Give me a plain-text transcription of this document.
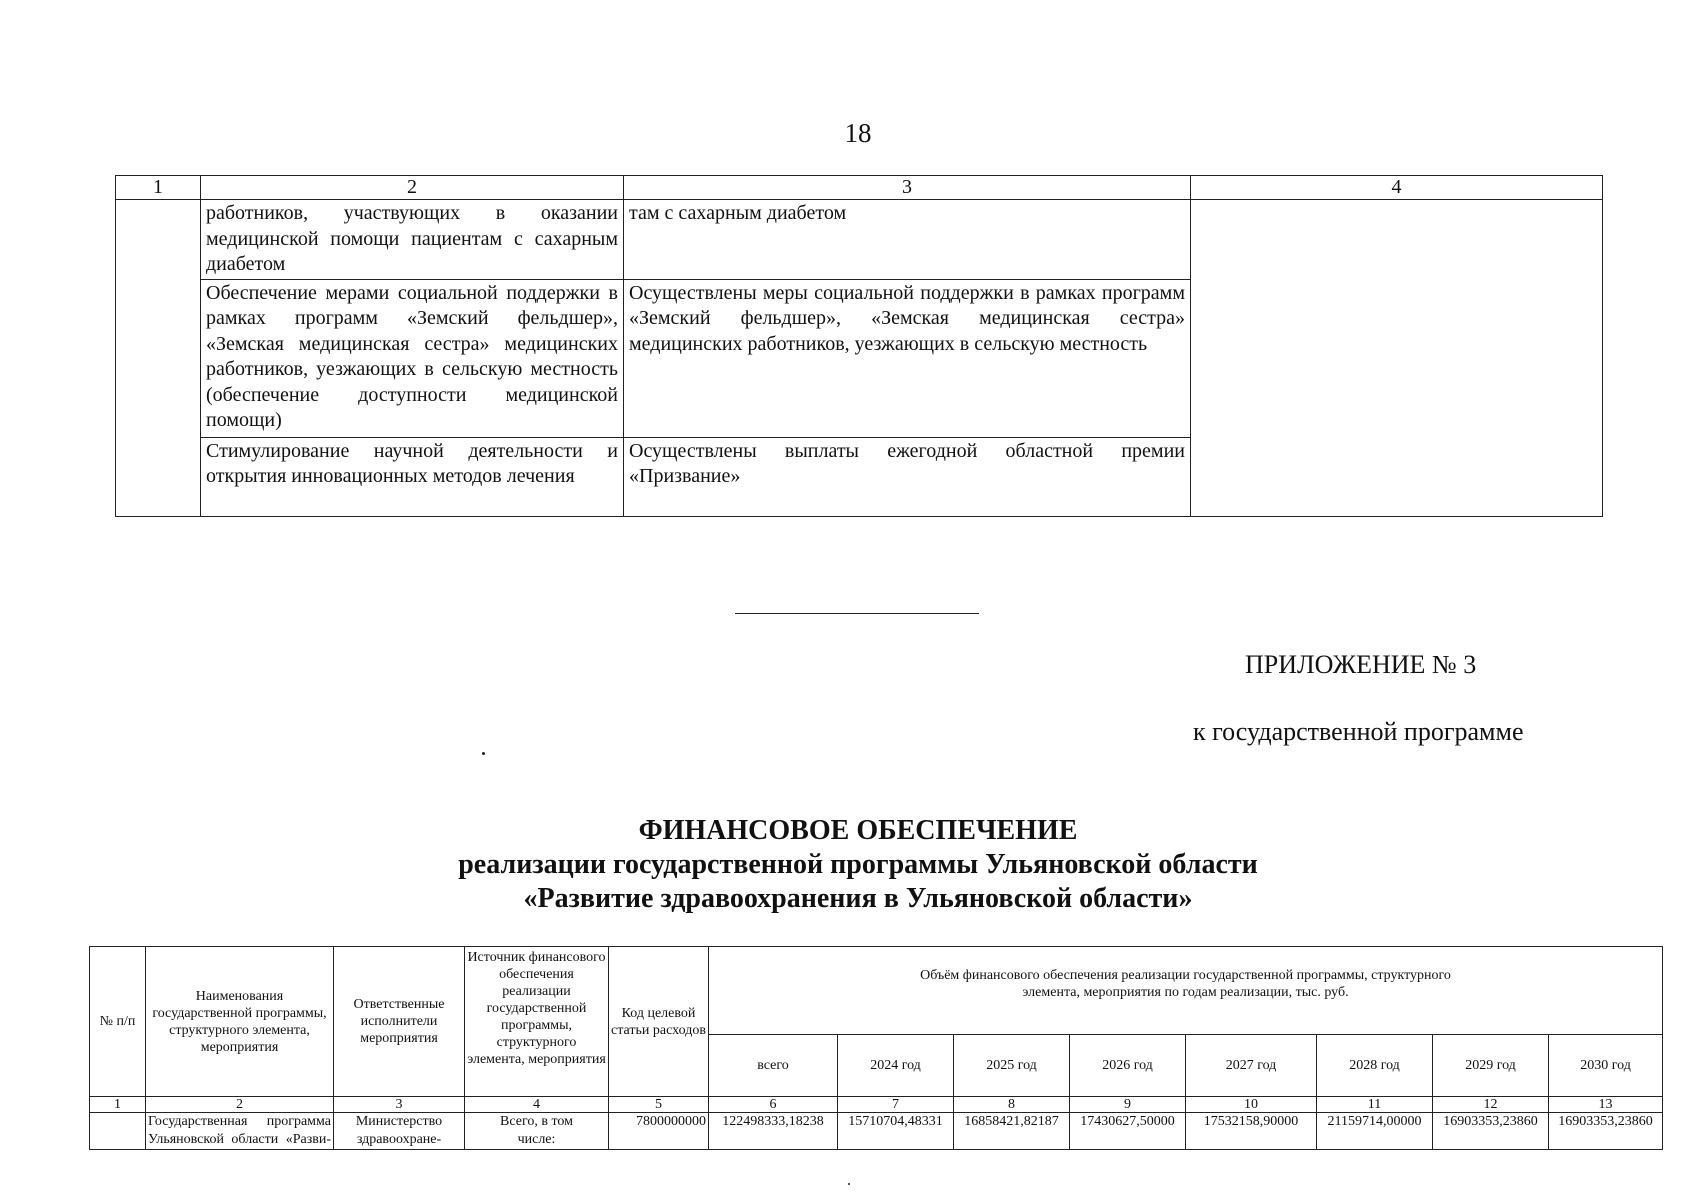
18
1	2	3	4
	работников, участвующих в оказании медицинской помощи пациентам с сахарным диабетом	там с сахарным диабетом	
	Обеспечение мерами социальной поддержки в рамках программ «Земский фельдшер», «Земская медицинская сестра» медицинских работников, уезжающих в сельскую местность (обеспечение доступности медицинской помощи)	Осуществлены меры социальной поддержки в рамках программ «Земский фельдшер», «Земская медицинская сестра» медицинских работников, уезжающих в сельскую местность	
	Стимулирование научной деятельности и открытия инновационных методов лечения	Осуществлены выплаты ежегодной областной премии «Призвание»	
ПРИЛОЖЕНИЕ № 3
к государственной программе
ФИНАНСОВОЕ ОБЕСПЕЧЕНИЕ
реализации государственной программы Ульяновской области
«Развитие здравоохранения в Ульяновской области»
№ п/п	Наименования государственной программы, структурного элемента, мероприятия	Ответственные исполнители мероприятия	Источник финансового обеспечения реализации государственной программы, структурного элемента, мероприятия	Код целевой статьи расходов	Объём финансового обеспечения реализации государственной программы, структурного элемента, мероприятия по годам реализации, тыс. руб.							
					всего	2024 год	2025 год	2026 год	2027 год	2028 год	2029 год	2030 год
1	2	3	4	5	6	7	8	9	10	11	12	13
	Государственная программа Ульяновской области «Разви-	Министерство здравоохране-	Всего, в том числе:	7800000000	122498333,18238	15710704,48331	16858421,82187	17430627,50000	17532158,90000	21159714,00000	16903353,23860	16903353,23860
